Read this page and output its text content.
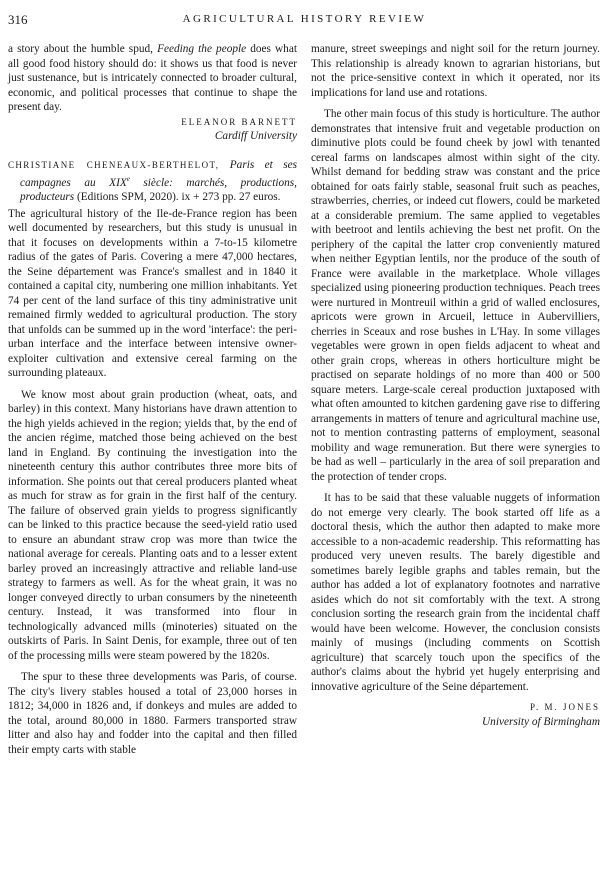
316	AGRICULTURAL HISTORY REVIEW

a story about the humble spud, Feeding the people does what all good food history should do: it shows us that food is never just sustenance, but is intricately connected to broader cultural, economic, and political processes that continue to shape the present day.

ELEANOR BARNETT
Cardiff University
CHRISTIANE CHENEAUX-BERTHELOT, Paris et ses campagnes au XIXe siècle: marchés, productions, producteurs (Editions SPM, 2020). ix + 273 pp. 27 euros.

The agricultural history of the Ile-de-France region has been well documented by researchers, but this study is unusual in that it focuses on developments within a 7-to-15 kilometre radius of the gates of Paris. Covering a mere 47,000 hectares, the Seine département was France's smallest and in 1840 it contained a capital city, numbering one million inhabitants. Yet 74 per cent of the land surface of this tiny administrative unit remained firmly wedded to agricultural production. The story that unfolds can be summed up in the word 'interface': the peri-urban interface and the interface between intensive owner-exploiter cultivation and extensive cereal farming on the surrounding plateaux.

We know most about grain production (wheat, oats, and barley) in this context. Many historians have drawn attention to the high yields achieved in the region; yields that, by the end of the ancien régime, matched those being achieved on the best land in England. By continuing the investigation into the nineteenth century this author contributes three more bits of information. She points out that cereal producers planted wheat as much for straw as for grain in the first half of the century. The failure of observed grain yields to progress significantly can be linked to this practice because the seed-yield ratio used to ensure an abundant straw crop was more than twice the national average for cereals. Planting oats and to a lesser extent barley proved an increasingly attractive and reliable land-use strategy to farmers as well. As for the wheat grain, it was no longer conveyed directly to urban consumers by the nineteenth century. Instead, it was transformed into flour in technologically advanced mills (minoteries) situated on the outskirts of Paris. In Saint Denis, for example, three out of ten of the processing mills were steam powered by the 1820s.

The spur to these three developments was Paris, of course. The city's livery stables housed a total of 23,000 horses in 1812; 34,000 in 1826 and, if donkeys and mules are added to the total, around 80,000 in 1880. Farmers transported straw litter and also hay and fodder into the capital and then filled their empty carts with stable

manure, street sweepings and night soil for the return journey. This relationship is already known to agrarian historians, but not the price-sensitive context in which it operated, nor its implications for land use and rotations.

The other main focus of this study is horticulture. The author demonstrates that intensive fruit and vegetable production on diminutive plots could be found cheek by jowl with tenanted cereal farms on landscapes almost within sight of the city. Whilst demand for bedding straw was constant and the price obtained for oats fairly stable, seasonal fruit such as peaches, strawberries, cherries, or indeed cut flowers, could be marketed at a considerable premium. The same applied to vegetables with beetroot and lentils achieving the best net profit. On the periphery of the capital the latter crop conveniently matured when neither Egyptian lentils, nor the produce of the south of France were available in the marketplace. Whole villages specialized using pioneering production techniques. Peach trees were nurtured in Montreuil within a grid of walled enclosures, apricots were grown in Arcueil, lettuce in Aubervilliers, cherries in Sceaux and rose bushes in L'Hay. In some villages vegetables were grown in open fields adjacent to wheat and other grain crops, whereas in others horticulture might be practised on separate holdings of no more than 400 or 500 square meters. Large-scale cereal production juxtaposed with what often amounted to kitchen gardening gave rise to differing arrangements in matters of tenure and agricultural machine use, not to mention contrasting patterns of employment, seasonal mobility and wage remuneration. But there were synergies to be had as well – particularly in the area of soil preparation and the protection of tender crops.

It has to be said that these valuable nuggets of information do not emerge very clearly. The book started off life as a doctoral thesis, which the author then adapted to make more accessible to a non-academic readership. This reformatting has produced very uneven results. The barely digestible and sometimes barely legible graphs and tables remain, but the author has added a lot of explanatory footnotes and narrative asides which do not sit comfortably with the text. A strong conclusion sorting the research grain from the incidental chaff would have been welcome. However, the conclusion consists mainly of musings (including comments on Scottish agriculture) that scarcely touch upon the specifics of the author's claims about the hybrid yet hugely enterprising and innovative agriculture of the Seine département.

P. M. JONES
University of Birmingham
